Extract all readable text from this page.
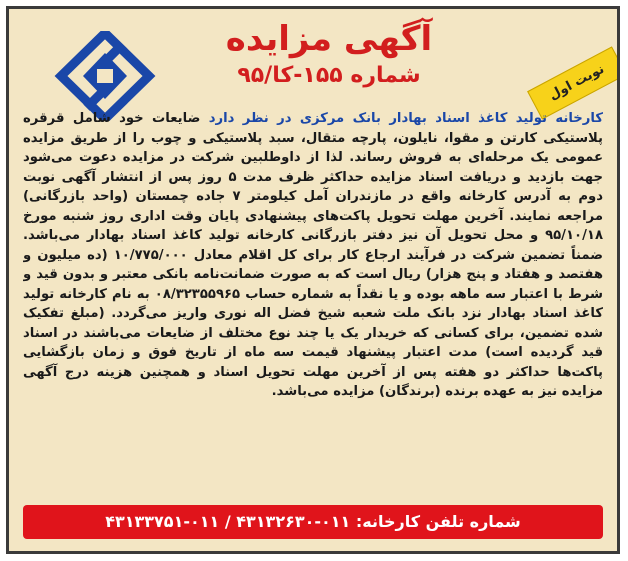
آگهی مزایده
شماره ۱۵۵-کا/۹۵	نوبت اول
کارخانه تولید کاغذ اسناد بهادار بانک مرکزی در نظر دارد ضایعات خود شامل قرقره پلاستیکی کارتن و مقوا، نایلون، پارچه متقال، سبد پلاستیکی و چوب را از طریق مزایده عمومی یک مرحله‌ای به فروش رساند. لذا از داوطلبین شرکت در مزایده دعوت می‌شود جهت بازدید و دریافت اسناد مزایده حداکثر ظرف مدت ۵ روز پس از انتشار آگهی نوبت دوم به آدرس کارخانه واقع در مازندران آمل کیلومتر ۷ جاده چمستان (واحد بازرگانی) مراجعه نمایند. آخرین مهلت تحویل پاکت‌های پیشنهادی پایان وقت اداری روز شنبه مورخ ۹۵/۱۰/۱۸ و محل تحویل آن نیز دفتر بازرگانی کارخانه تولید کاغذ اسناد بهادار می‌باشد. ضمناً تضمین شرکت در فرآیند ارجاع کار برای کل اقلام معادل ۱۰/۷۷۵/۰۰۰ (ده میلیون و هفتصد و هفتاد و پنج هزار) ریال است که به صورت ضمانت‌نامه بانکی معتبر و بدون قید و شرط با اعتبار سه ماهه بوده و یا نقداً به شماره حساب ۰۸/۳۲۳۵۵۹۶۵ به نام کارخانه تولید کاغذ اسناد بهادار نزد بانک ملت شعبه شیخ فضل اله نوری واریز می‌گردد. (مبلغ تفکیک شده تضمین، برای کسانی که خریدار یک یا چند نوع مختلف از ضایعات می‌باشند در اسناد قید گردیده است) مدت اعتبار پیشنهاد قیمت سه ماه از تاریخ فوق و زمان بازگشایی پاکت‌ها حداکثر دو هفته پس از آخرین مهلت تحویل اسناد و همچنین هزینه درج آگهی مزایده نیز به عهده برنده (برندگان) مزایده می‌باشد.
شماره تلفن کارخانه: ۰۱۱-۴۳۱۳۲۶۳۰ / ۰۱۱-۴۳۱۳۳۷۵۱
